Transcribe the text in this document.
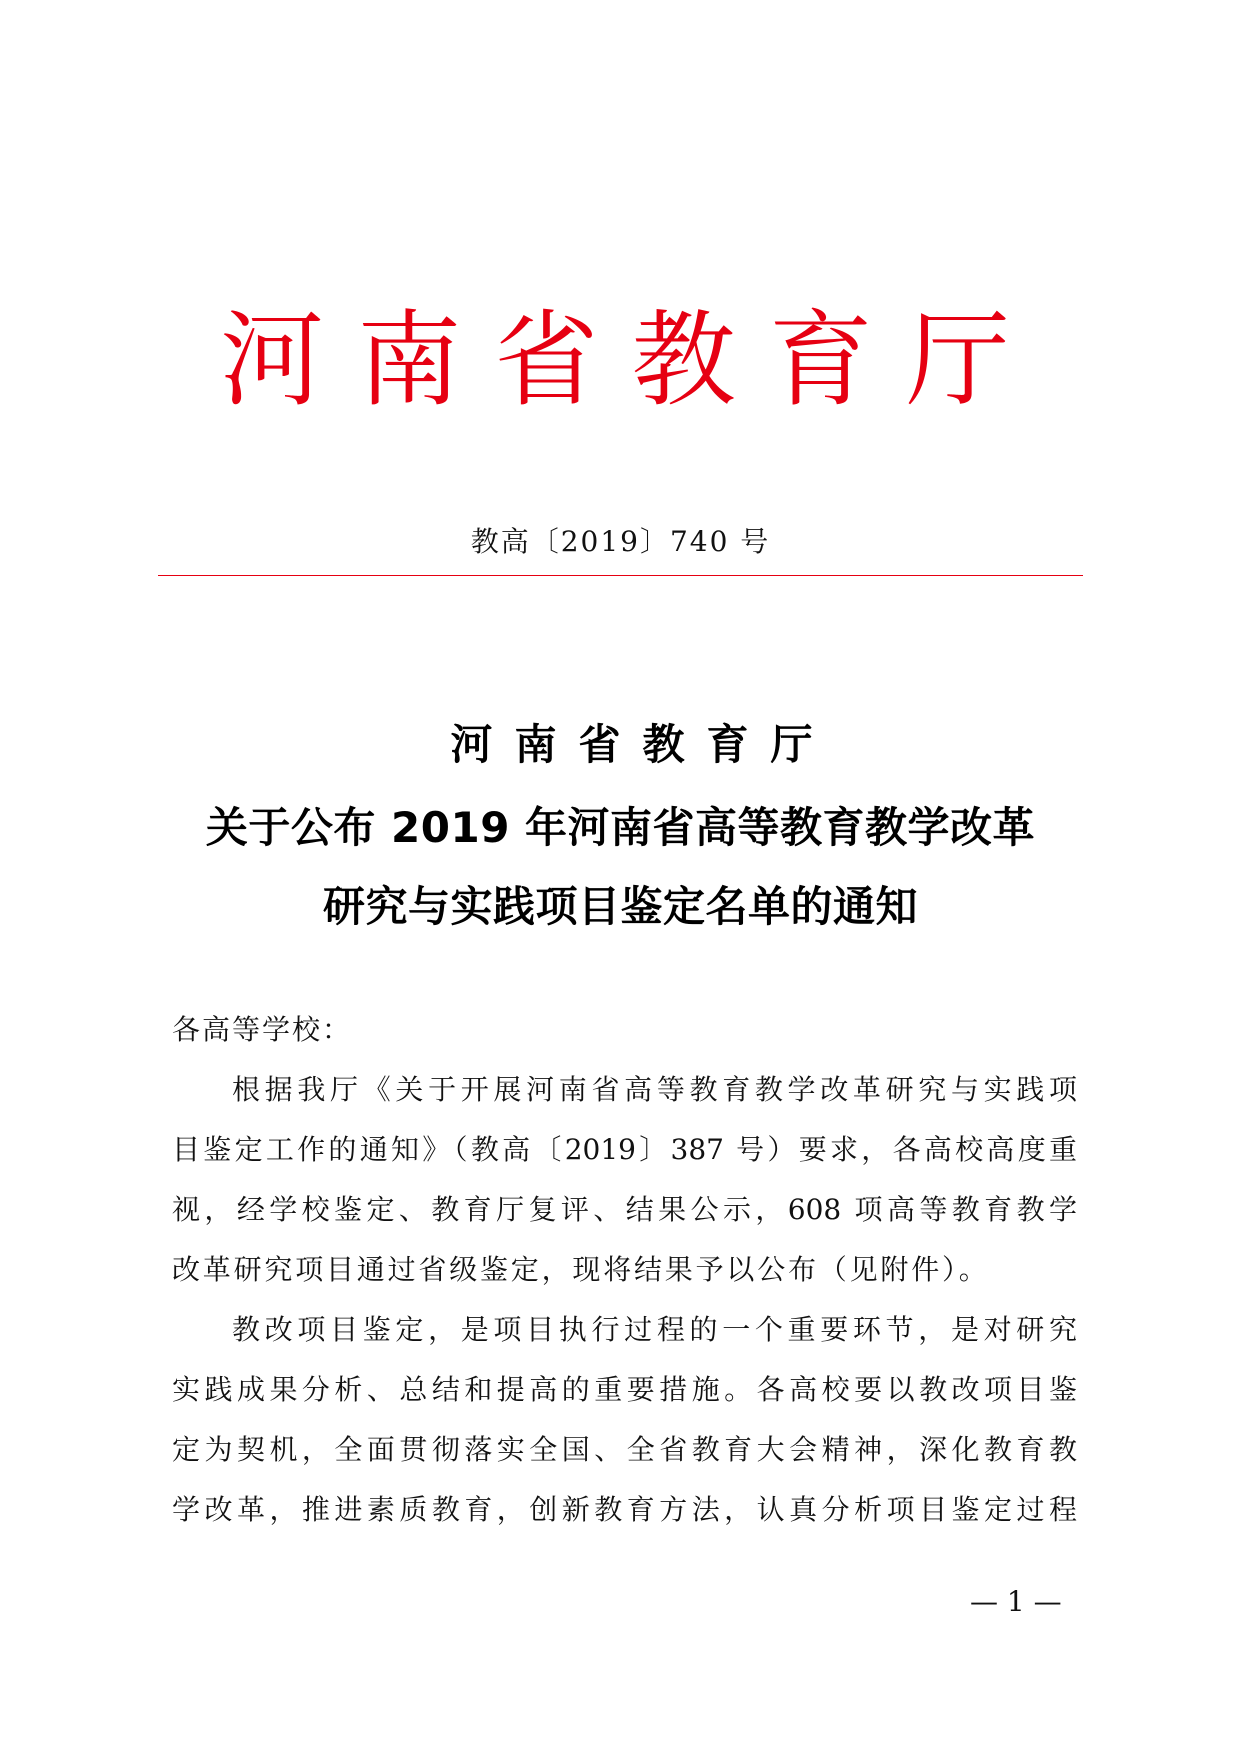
河 南 省 教 育 厅
教高〔2019〕740 号
河南省教育厅
关于公布 2019 年河南省高等教育教学改革
研究与实践项目鉴定名单的通知
各高等学校：
根据我厅《关于开展河南省高等教育教学改革研究与实践项
目鉴定工作的通知》（教高〔2019〕387 号）要求，各高校高度重
视，经学校鉴定、教育厅复评、结果公示，608 项高等教育教学
改革研究项目通过省级鉴定，现将结果予以公布（见附件）。
教改项目鉴定，是项目执行过程的一个重要环节，是对研究
实践成果分析、总结和提高的重要措施。各高校要以教改项目鉴
定为契机，全面贯彻落实全国、全省教育大会精神，深化教育教
学改革，推进素质教育，创新教育方法，认真分析项目鉴定过程
— 1 —
